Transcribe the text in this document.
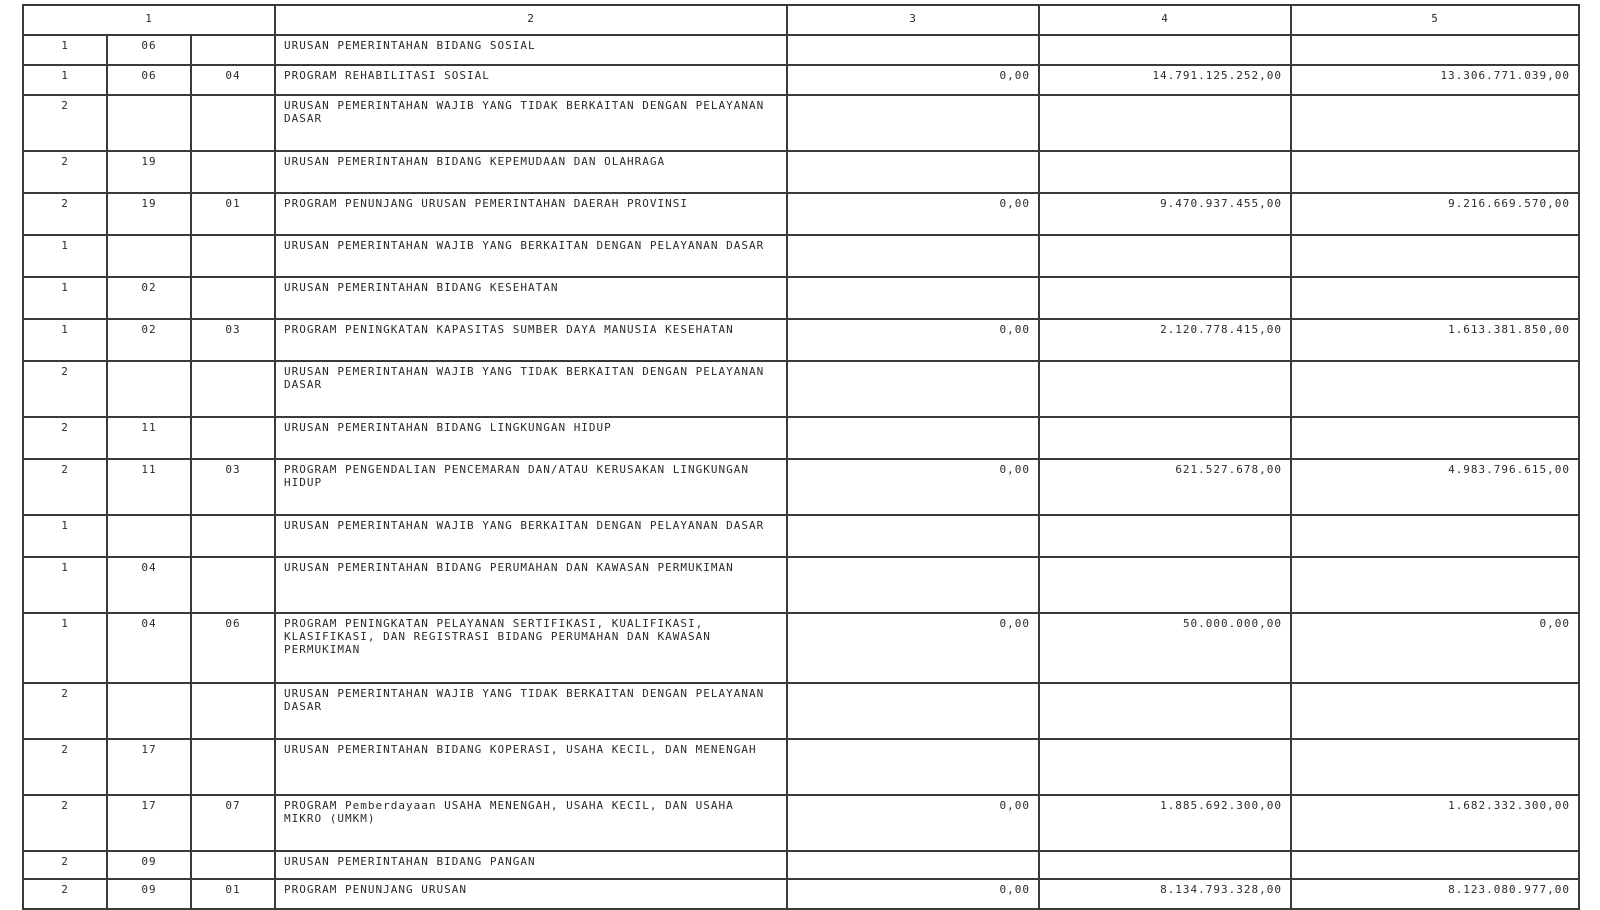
1			2	3	4	5
1	06		URUSAN PEMERINTAHAN BIDANG SOSIAL			
1	06	04	PROGRAM REHABILITASI SOSIAL	0,00	14.791.125.252,00	13.306.771.039,00
2			URUSAN PEMERINTAHAN WAJIB YANG TIDAK BERKAITAN DENGAN PELAYANAN DASAR			
2	19		URUSAN PEMERINTAHAN BIDANG KEPEMUDAAN DAN OLAHRAGA			
2	19	01	PROGRAM PENUNJANG URUSAN PEMERINTAHAN DAERAH PROVINSI	0,00	9.470.937.455,00	9.216.669.570,00
1			URUSAN PEMERINTAHAN WAJIB YANG BERKAITAN DENGAN PELAYANAN DASAR			
1	02		URUSAN PEMERINTAHAN BIDANG KESEHATAN			
1	02	03	PROGRAM PENINGKATAN KAPASITAS SUMBER DAYA MANUSIA KESEHATAN	0,00	2.120.778.415,00	1.613.381.850,00
2			URUSAN PEMERINTAHAN WAJIB YANG TIDAK BERKAITAN DENGAN PELAYANAN DASAR			
2	11		URUSAN PEMERINTAHAN BIDANG LINGKUNGAN HIDUP			
2	11	03	PROGRAM PENGENDALIAN PENCEMARAN DAN/ATAU KERUSAKAN LINGKUNGAN HIDUP	0,00	621.527.678,00	4.983.796.615,00
1			URUSAN PEMERINTAHAN WAJIB YANG BERKAITAN DENGAN PELAYANAN DASAR			
1	04		URUSAN PEMERINTAHAN BIDANG PERUMAHAN DAN KAWASAN PERMUKIMAN			
1	04	06	PROGRAM PENINGKATAN PELAYANAN SERTIFIKASI, KUALIFIKASI, KLASIFIKASI, DAN REGISTRASI BIDANG PERUMAHAN DAN KAWASAN PERMUKIMAN	0,00	50.000.000,00	0,00
2			URUSAN PEMERINTAHAN WAJIB YANG TIDAK BERKAITAN DENGAN PELAYANAN DASAR			
2	17		URUSAN PEMERINTAHAN BIDANG KOPERASI, USAHA KECIL, DAN MENENGAH			
2	17	07	PROGRAM Pemberdayaan USAHA MENENGAH, USAHA KECIL, DAN USAHA MIKRO (UMKM)	0,00	1.885.692.300,00	1.682.332.300,00
2	09		URUSAN PEMERINTAHAN BIDANG PANGAN			
2	09	01	PROGRAM PENUNJANG URUSAN	0,00	8.134.793.328,00	8.123.080.977,00
